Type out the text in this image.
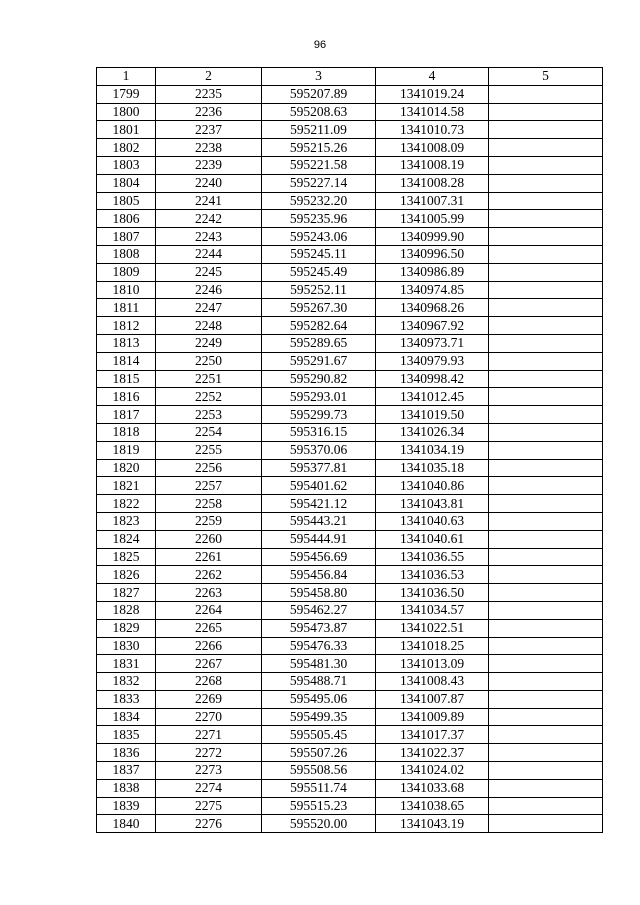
96
1	2	3	4	5
1799	2235	595207.89	1341019.24	
1800	2236	595208.63	1341014.58	
1801	2237	595211.09	1341010.73	
1802	2238	595215.26	1341008.09	
1803	2239	595221.58	1341008.19	
1804	2240	595227.14	1341008.28	
1805	2241	595232.20	1341007.31	
1806	2242	595235.96	1341005.99	
1807	2243	595243.06	1340999.90	
1808	2244	595245.11	1340996.50	
1809	2245	595245.49	1340986.89	
1810	2246	595252.11	1340974.85	
1811	2247	595267.30	1340968.26	
1812	2248	595282.64	1340967.92	
1813	2249	595289.65	1340973.71	
1814	2250	595291.67	1340979.93	
1815	2251	595290.82	1340998.42	
1816	2252	595293.01	1341012.45	
1817	2253	595299.73	1341019.50	
1818	2254	595316.15	1341026.34	
1819	2255	595370.06	1341034.19	
1820	2256	595377.81	1341035.18	
1821	2257	595401.62	1341040.86	
1822	2258	595421.12	1341043.81	
1823	2259	595443.21	1341040.63	
1824	2260	595444.91	1341040.61	
1825	2261	595456.69	1341036.55	
1826	2262	595456.84	1341036.53	
1827	2263	595458.80	1341036.50	
1828	2264	595462.27	1341034.57	
1829	2265	595473.87	1341022.51	
1830	2266	595476.33	1341018.25	
1831	2267	595481.30	1341013.09	
1832	2268	595488.71	1341008.43	
1833	2269	595495.06	1341007.87	
1834	2270	595499.35	1341009.89	
1835	2271	595505.45	1341017.37	
1836	2272	595507.26	1341022.37	
1837	2273	595508.56	1341024.02	
1838	2274	595511.74	1341033.68	
1839	2275	595515.23	1341038.65	
1840	2276	595520.00	1341043.19	
